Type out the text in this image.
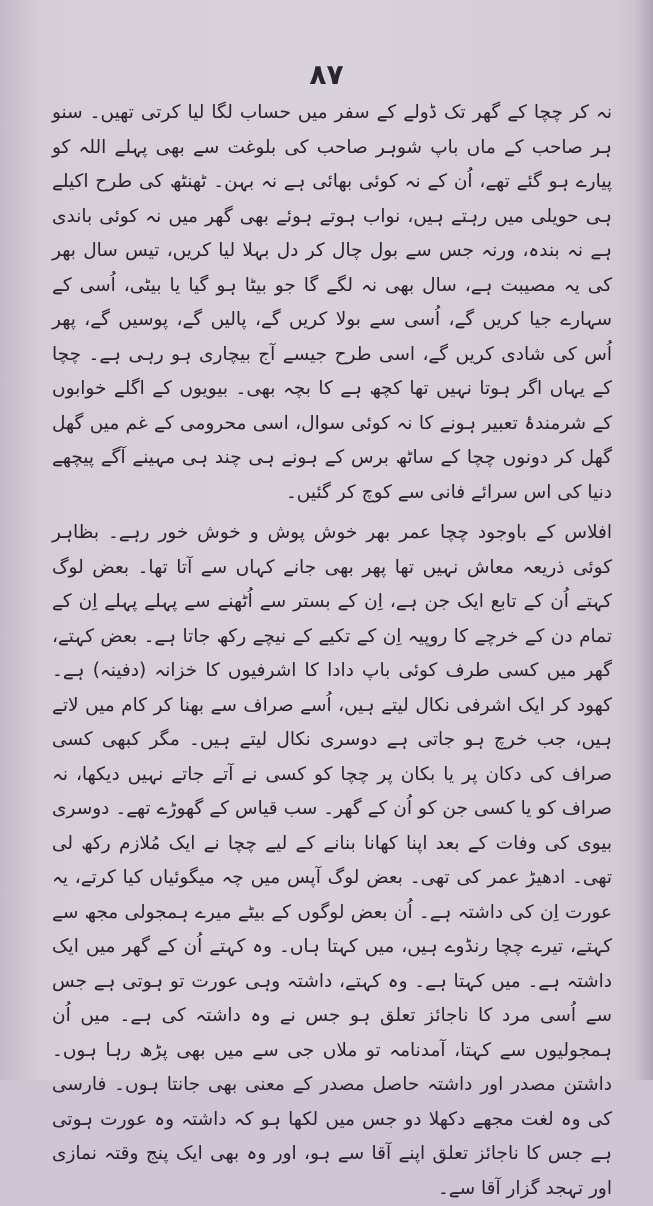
۸۷

نہ کر چچا کے گھر تک ڈولے کے سفر میں حساب لگا لیا کرتی تھیں۔ سنو ہر صاحب کے ماں باپ شوہر صاحب کی بلوغت سے بھی پہلے اللہ کو پیارے ہو گئے تھے، اُن کے نہ کوئی بھائی ہے نہ بہن۔ ٹھنٹھ کی طرح اکیلے ہی حویلی میں رہتے ہیں، نواب ہوتے ہوئے بھی گھر میں نہ کوئی باندی ہے نہ بندہ، ورنہ جس سے بول چال کر دل بہلا لیا کریں، تیس سال بھر کی یہ مصیبت ہے، سال بھی نہ لگے گا جو بیٹا ہو گیا یا بیٹی، اُسی کے سہارے جیا کریں گے، اُسی سے بولا کریں گے، پالیں گے، پوسیں گے، پھر اُس کی شادی کریں گے، اسی طرح جیسے آج بیچاری ہو رہی ہے۔ چچا کے یہاں اگر ہوتا نہیں تھا کچھ ہے کا بچہ بھی۔ بیویوں کے اگلے خوابوں کے شرمندۂ تعبیر ہونے کا نہ کوئی سوال، اسی محرومی کے غم میں گھل گھل کر دونوں چچا کے ساٹھ برس کے ہونے ہی چند ہی مہینے آگے پیچھے دنیا کی اس سرائے فانی سے کوچ کر گئیں۔

افلاس کے باوجود چچا عمر بھر خوش پوش و خوش خور رہے۔ بظاہر کوئی ذریعہ معاش نہیں تھا پھر بھی جانے کہاں سے آتا تھا۔ بعض لوگ کہتے اُن کے تابع ایک جن ہے، اِن کے بستر سے اُٹھنے سے پہلے پہلے اِن کے تمام دن کے خرچے کا روپیہ اِن کے تکیے کے نیچے رکھ جاتا ہے۔ بعض کہتے، گھر میں کسی طرف کوئی باپ دادا کا اشرفیوں کا خزانہ (دفینہ) ہے۔ کھود کر ایک اشرفی نکال لیتے ہیں، اُسے صراف سے بھنا کر کام میں لاتے ہیں، جب خرچ ہو جاتی ہے دوسری نکال لیتے ہیں۔ مگر کبھی کسی صراف کی دکان پر یا بکان پر چچا کو کسی نے آتے جاتے نہیں دیکھا، نہ صراف کو یا کسی جن کو اُن کے گھر۔ سب قیاس کے گھوڑے تھے۔ دوسری بیوی کی وفات کے بعد اپنا کھانا بنانے کے لیے چچا نے ایک مُلازم رکھ لی تھی۔ ادھیڑ عمر کی تھی۔ بعض لوگ آپس میں چہ میگوئیاں کیا کرتے، یہ عورت اِن کی داشتہ ہے۔ اُن بعض لوگوں کے بیٹے میرے ہمجولی مجھ سے کہتے، تیرے چچا رنڈوے ہیں، میں کہتا ہاں۔ وہ کہتے اُن کے گھر میں ایک داشتہ ہے۔ میں کہتا ہے۔ وہ کہتے، داشتہ وہی عورت تو ہوتی ہے جس سے اُسی مرد کا ناجائز تعلق ہو جس نے وہ داشتہ کی ہے۔ میں اُن ہمجولیوں سے کہتا، آمدنامہ تو ملاں جی سے میں بھی پڑھ رہا ہوں۔ داشتن مصدر اور داشتہ حاصل مصدر کے معنی بھی جانتا ہوں۔ فارسی کی وہ لغت مجھے دکھلا دو جس میں لکھا ہو کہ داشتہ وہ عورت ہوتی ہے جس کا ناجائز تعلق اپنے آقا سے ہو، اور وہ بھی ایک پنج وقتہ نمازی اور تہجد گزار آقا سے۔
